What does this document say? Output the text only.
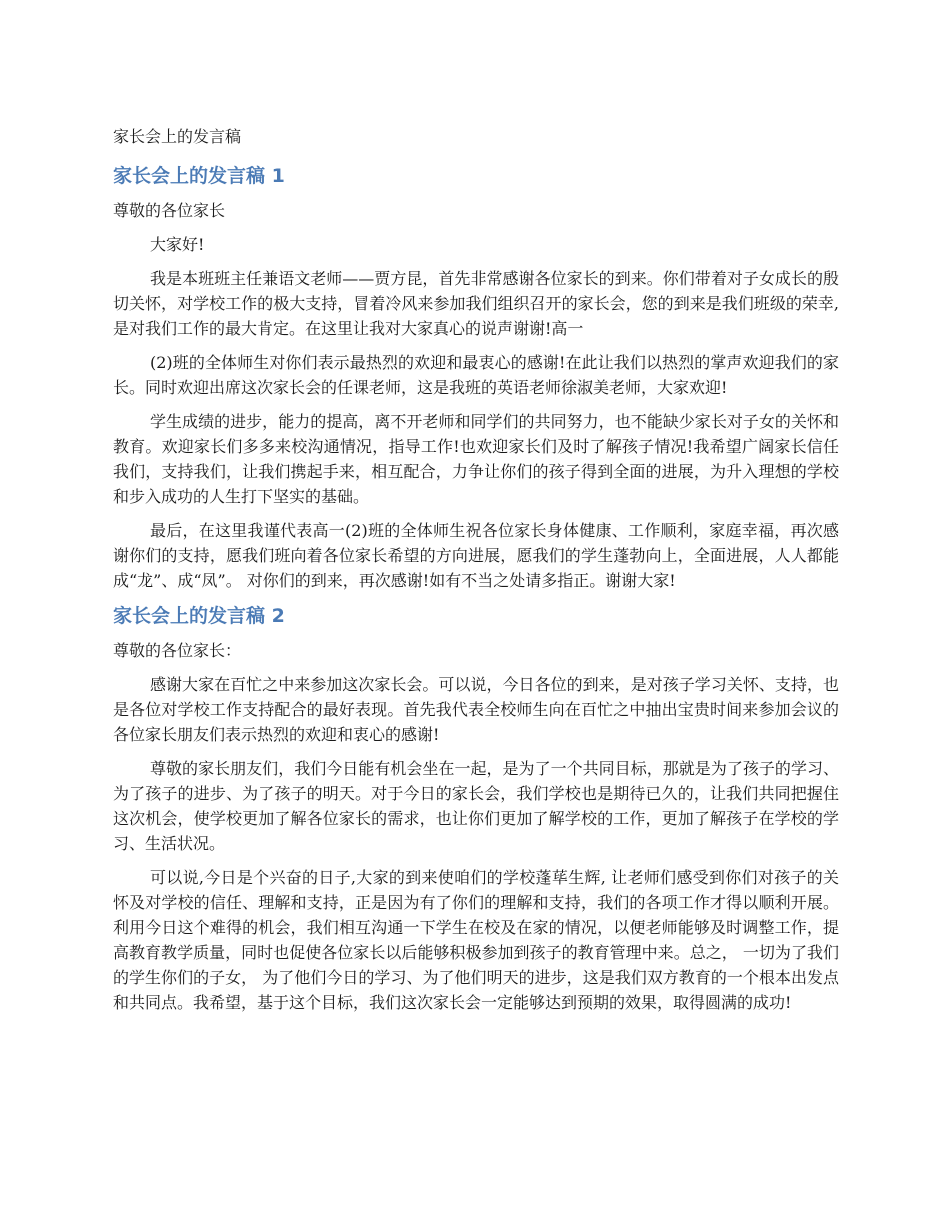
家长会上的发言稿
家长会上的发言稿 1
尊敬的各位家长
大家好!
我是本班班主任兼语文老师——贾方昆，首先非常感谢各位家长的到来。你们带着对子女成长的殷切关怀，对学校工作的极大支持，冒着冷风来参加我们组织召开的家长会，您的到来是我们班级的荣幸,是对我们工作的最大肯定。在这里让我对大家真心的说声谢谢!高一
(2)班的全体师生对你们表示最热烈的欢迎和最衷心的感谢!在此让我们以热烈的掌声欢迎我们的家长。同时欢迎出席这次家长会的任课老师，这是我班的英语老师徐淑美老师，大家欢迎!
学生成绩的进步，能力的提高，离不开老师和同学们的共同努力，也不能缺少家长对子女的关怀和教育。欢迎家长们多多来校沟通情况，指导工作!也欢迎家长们及时了解孩子情况!我希望广阔家长信任我们，支持我们，让我们携起手来，相互配合，力争让你们的孩子得到全面的进展，为升入理想的学校和步入成功的人生打下坚实的基础。
最后，在这里我谨代表高一(2)班的全体师生祝各位家长身体健康、工作顺利，家庭幸福，再次感谢你们的支持，愿我们班向着各位家长希望的方向进展，愿我们的学生蓬勃向上，全面进展，人人都能成“龙”、成“凤”。 对你们的到来，再次感谢!如有不当之处请多指正。谢谢大家!
家长会上的发言稿 2
尊敬的各位家长：
感谢大家在百忙之中来参加这次家长会。可以说，今日各位的到来，是对孩子学习关怀、支持，也是各位对学校工作支持配合的最好表现。首先我代表全校师生向在百忙之中抽出宝贵时间来参加会议的各位家长朋友们表示热烈的欢迎和衷心的感谢!
尊敬的家长朋友们，我们今日能有机会坐在一起，是为了一个共同目标，那就是为了孩子的学习、为了孩子的进步、为了孩子的明天。对于今日的家长会，我们学校也是期待已久的，让我们共同把握住这次机会，使学校更加了解各位家长的需求，也让你们更加了解学校的工作，更加了解孩子在学校的学习、生活状况。
可以说,今日是个兴奋的日子,大家的到来使咱们的学校蓬荜生辉, 让老师们感受到你们对孩子的关怀及对学校的信任、理解和支持，正是因为有了你们的理解和支持，我们的各项工作才得以顺利开展。利用今日这个难得的机会，我们相互沟通一下学生在校及在家的情况，以便老师能够及时调整工作，提高教育教学质量，同时也促使各位家长以后能够积极参加到孩子的教育管理中来。总之， 一切为了我们的学生你们的子女， 为了他们今日的学习、为了他们明天的进步，这是我们双方教育的一个根本出发点和共同点。我希望，基于这个目标，我们这次家长会一定能够达到预期的效果，取得圆满的成功!
